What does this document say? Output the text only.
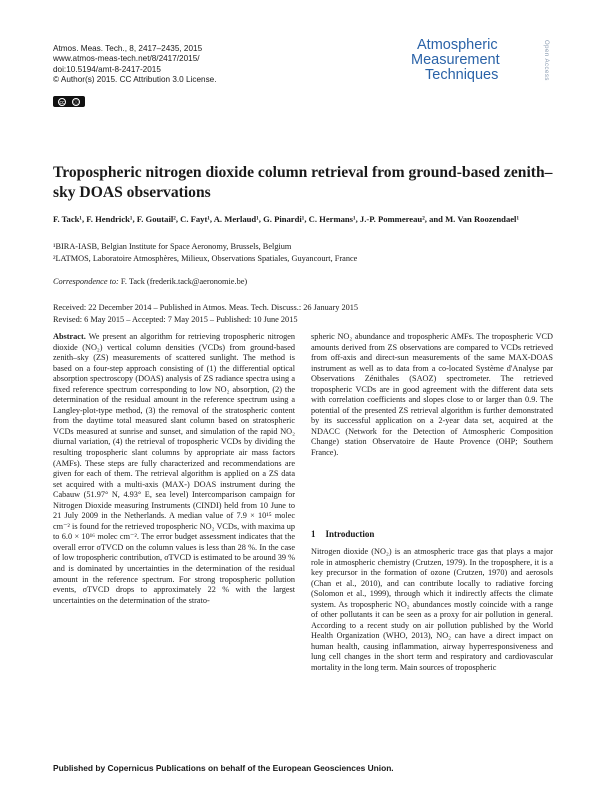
Atmos. Meas. Tech., 8, 2417–2435, 2015
www.atmos-meas-tech.net/8/2417/2015/
doi:10.5194/amt-8-2417-2015
© Author(s) 2015. CC Attribution 3.0 License.
cc	ⓘ
Atmospheric
Measurement
Techniques	Open Access
Tropospheric nitrogen dioxide column retrieval from ground-based zenith–sky DOAS observations
F. Tack¹, F. Hendrick¹, F. Goutail², C. Fayt¹, A. Merlaud¹, G. Pinardi¹, C. Hermans¹, J.-P. Pommereau², and M. Van Roozendael¹
¹BIRA-IASB, Belgian Institute for Space Aeronomy, Brussels, Belgium
²LATMOS, Laboratoire Atmosphères, Milieux, Observations Spatiales, Guyancourt, France
Correspondence to: F. Tack (frederik.tack@aeronomie.be)
Received: 22 December 2014 – Published in Atmos. Meas. Tech. Discuss.: 26 January 2015
Revised: 6 May 2015 – Accepted: 7 May 2015 – Published: 10 June 2015
Abstract. We present an algorithm for retrieving tropospheric nitrogen dioxide (NO₂) vertical column densities (VCDs) from ground-based zenith–sky (ZS) measurements of scattered sunlight. The method is based on a four-step approach consisting of (1) the differential optical absorption spectroscopy (DOAS) analysis of ZS radiance spectra using a fixed reference spectrum corresponding to low NO₂ absorption, (2) the determination of the residual amount in the reference spectrum using a Langley-plot-type method, (3) the removal of the stratospheric content from the daytime total measured slant column based on stratospheric VCDs measured at sunrise and sunset, and simulation of the rapid NO₂ diurnal variation, (4) the retrieval of tropospheric VCDs by dividing the resulting tropospheric slant columns by appropriate air mass factors (AMFs). These steps are fully characterized and recommendations are given for each of them. The retrieval algorithm is applied on a ZS data set acquired with a multi-axis (MAX-) DOAS instrument during the Cabauw (51.97° N, 4.93° E, sea level) Intercomparison campaign for Nitrogen Dioxide measuring Instruments (CINDI) held from 10 June to 21 July 2009 in the Netherlands. A median value of 7.9 × 10¹⁵ molec cm⁻² is found for the retrieved tropospheric NO₂ VCDs, with maxima up to 6.0 × 10¹⁶ molec cm⁻². The error budget assessment indicates that the overall error σTVCD on the column values is less than 28 %. In the case of low tropospheric contribution, σTVCD is estimated to be around 39 % and is dominated by uncertainties in the determination of the residual amount in the reference spectrum. For strong tropospheric pollution events, σTVCD drops to approximately 22 % with the largest uncertainties on the determination of the strato-
spheric NO₂ abundance and tropospheric AMFs. The tropospheric VCD amounts derived from ZS observations are compared to VCDs retrieved from off-axis and direct-sun measurements of the same MAX-DOAS instrument as well as to data from a co-located Système d'Analyse par Observations Zénithales (SAOZ) spectrometer. The retrieved tropospheric VCDs are in good agreement with the different data sets with correlation coefficients and slopes close to or larger than 0.9. The potential of the presented ZS retrieval algorithm is further demonstrated by its successful application on a 2-year data set, acquired at the NDACC (Network for the Detection of Atmospheric Composition Change) station Observatoire de Haute Provence (OHP; Southern France).
1 Introduction
Nitrogen dioxide (NO₂) is an atmospheric trace gas that plays a major role in atmospheric chemistry (Crutzen, 1979). In the troposphere, it is a key precursor in the formation of ozone (Crutzen, 1970) and aerosols (Chan et al., 2010), and can contribute locally to radiative forcing (Solomon et al., 1999), through which it indirectly affects the climate system. As tropospheric NO₂ abundances mostly coincide with a range of other pollutants it can be seen as a proxy for air pollution in general. According to a recent study on air pollution published by the World Health Organization (WHO, 2013), NO₂ can have a direct impact on human health, causing inflammation, airway hyperresponsiveness and lung cell changes in the short term and respiratory and cardiovascular mortality in the long term. Main sources of tropospheric
Published by Copernicus Publications on behalf of the European Geosciences Union.
